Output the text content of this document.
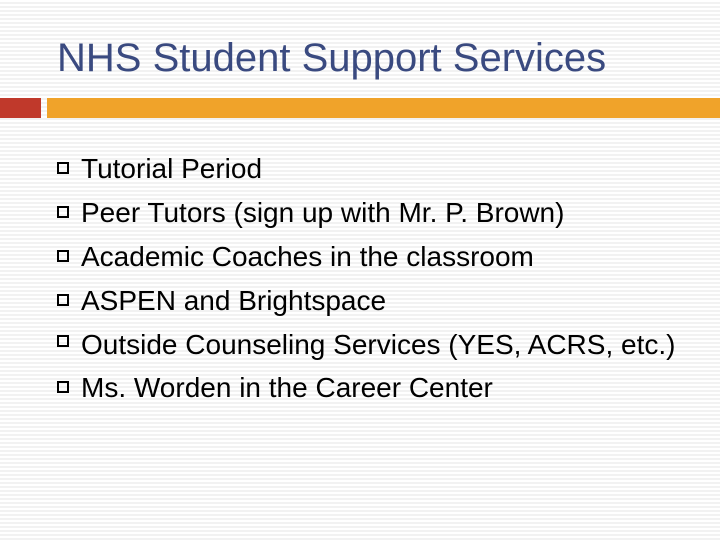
NHS Student Support Services
Tutorial Period
Peer Tutors (sign up with Mr. P. Brown)
Academic Coaches in the classroom
ASPEN and Brightspace
Outside Counseling Services (YES, ACRS, etc.)
Ms. Worden in the Career Center
